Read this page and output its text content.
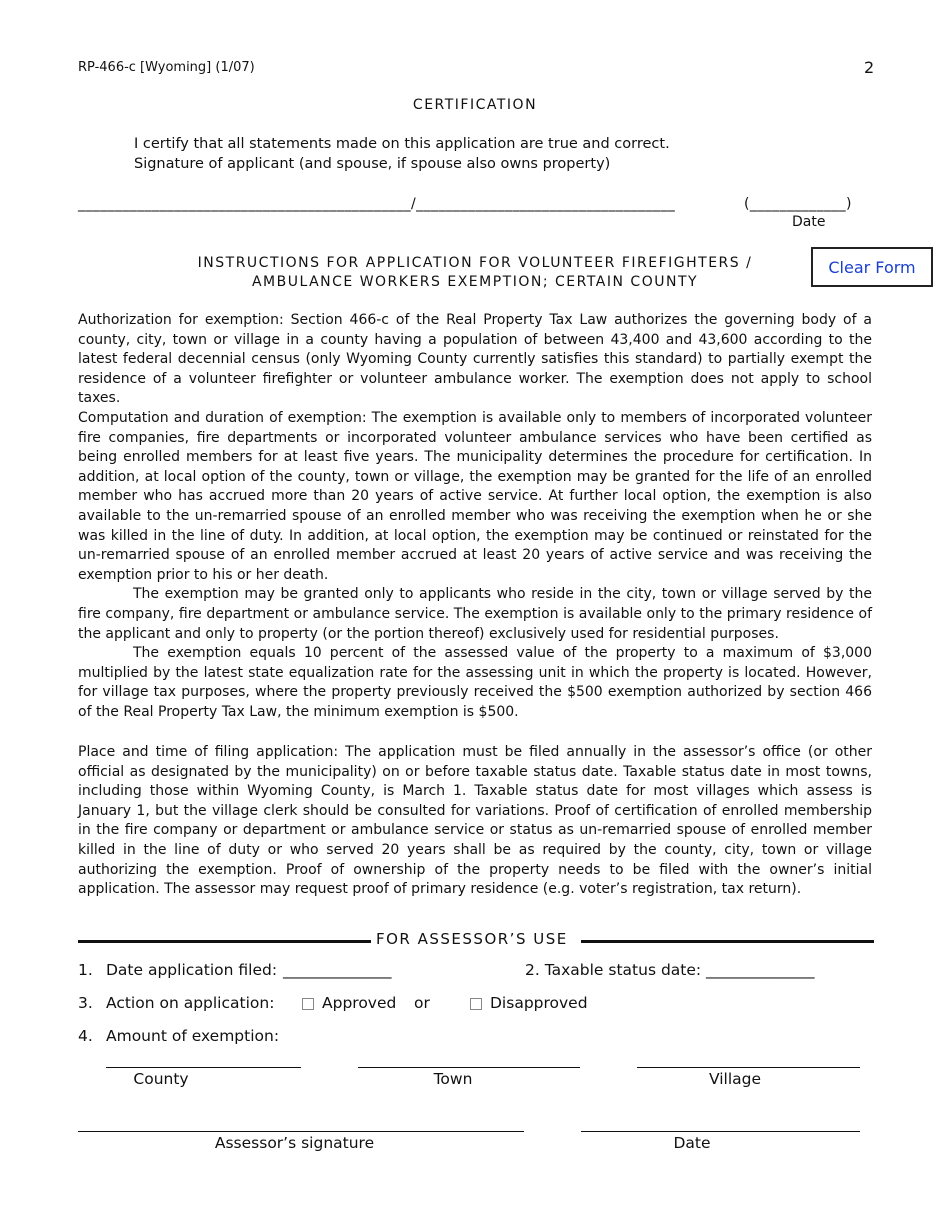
RP-466-c [Wyoming] (1/07)	2
CERTIFICATION
I certify that all statements made on this application are true and correct.
Signature of applicant (and spouse, if spouse also owns property)
_____________________________________________/___________________________________	(_____________)
Date
INSTRUCTIONS FOR APPLICATION FOR VOLUNTEER FIREFIGHTERS /
AMBULANCE WORKERS EXEMPTION; CERTAIN COUNTY
Clear Form

Authorization for exemption: Section 466-c of the Real Property Tax Law authorizes the governing body of a county, city, town or village in a county having a population of between 43,400 and 43,600 according to the latest federal decennial census (only Wyoming County currently satisfies this standard) to partially exempt the residence of a volunteer firefighter or volunteer ambulance worker. The exemption does not apply to school taxes.

Computation and duration of exemption: The exemption is available only to members of incorporated volunteer fire companies, fire departments or incorporated volunteer ambulance services who have been certified as being enrolled members for at least five years. The municipality determines the procedure for certification. In addition, at local option of the county, town or village, the exemption may be granted for the life of an enrolled member who has accrued more than 20 years of active service. At further local option, the exemption is also available to the un-remarried spouse of an enrolled member who was receiving the exemption when he or she was killed in the line of duty. In addition, at local option, the exemption may be continued or reinstated for the un-remarried spouse of an enrolled member accrued at least 20 years of active service and was receiving the exemption prior to his or her death.

The exemption may be granted only to applicants who reside in the city, town or village served by the fire company, fire department or ambulance service. The exemption is available only to the primary residence of the applicant and only to property (or the portion thereof) exclusively used for residential purposes.

The exemption equals 10 percent of the assessed value of the property to a maximum of $3,000 multiplied by the latest state equalization rate for the assessing unit in which the property is located. However, for village tax purposes, where the property previously received the $500 exemption authorized by section 466 of the Real Property Tax Law, the minimum exemption is $500.

Place and time of filing application: The application must be filed annually in the assessor’s office (or other official as designated by the municipality) on or before taxable status date. Taxable status date in most towns, including those within Wyoming County, is March 1. Taxable status date for most villages which assess is January 1, but the village clerk should be consulted for variations. Proof of certification of enrolled membership in the fire company or department or ambulance service or status as un-remarried spouse of enrolled member killed in the line of duty or who served 20 years shall be as required by the county, city, town or village authorizing the exemption. Proof of ownership of the property needs to be filed with the owner’s initial application. The assessor may request proof of primary residence (e.g. voter’s registration, tax return).

FOR ASSESSOR’S USE
1. Date application filed: ______________	2. Taxable status date: ______________
3. Action on application:	Approved or	Disapproved
4. Amount of exemption:
County	Town	Village
Assessor’s signature	Date
